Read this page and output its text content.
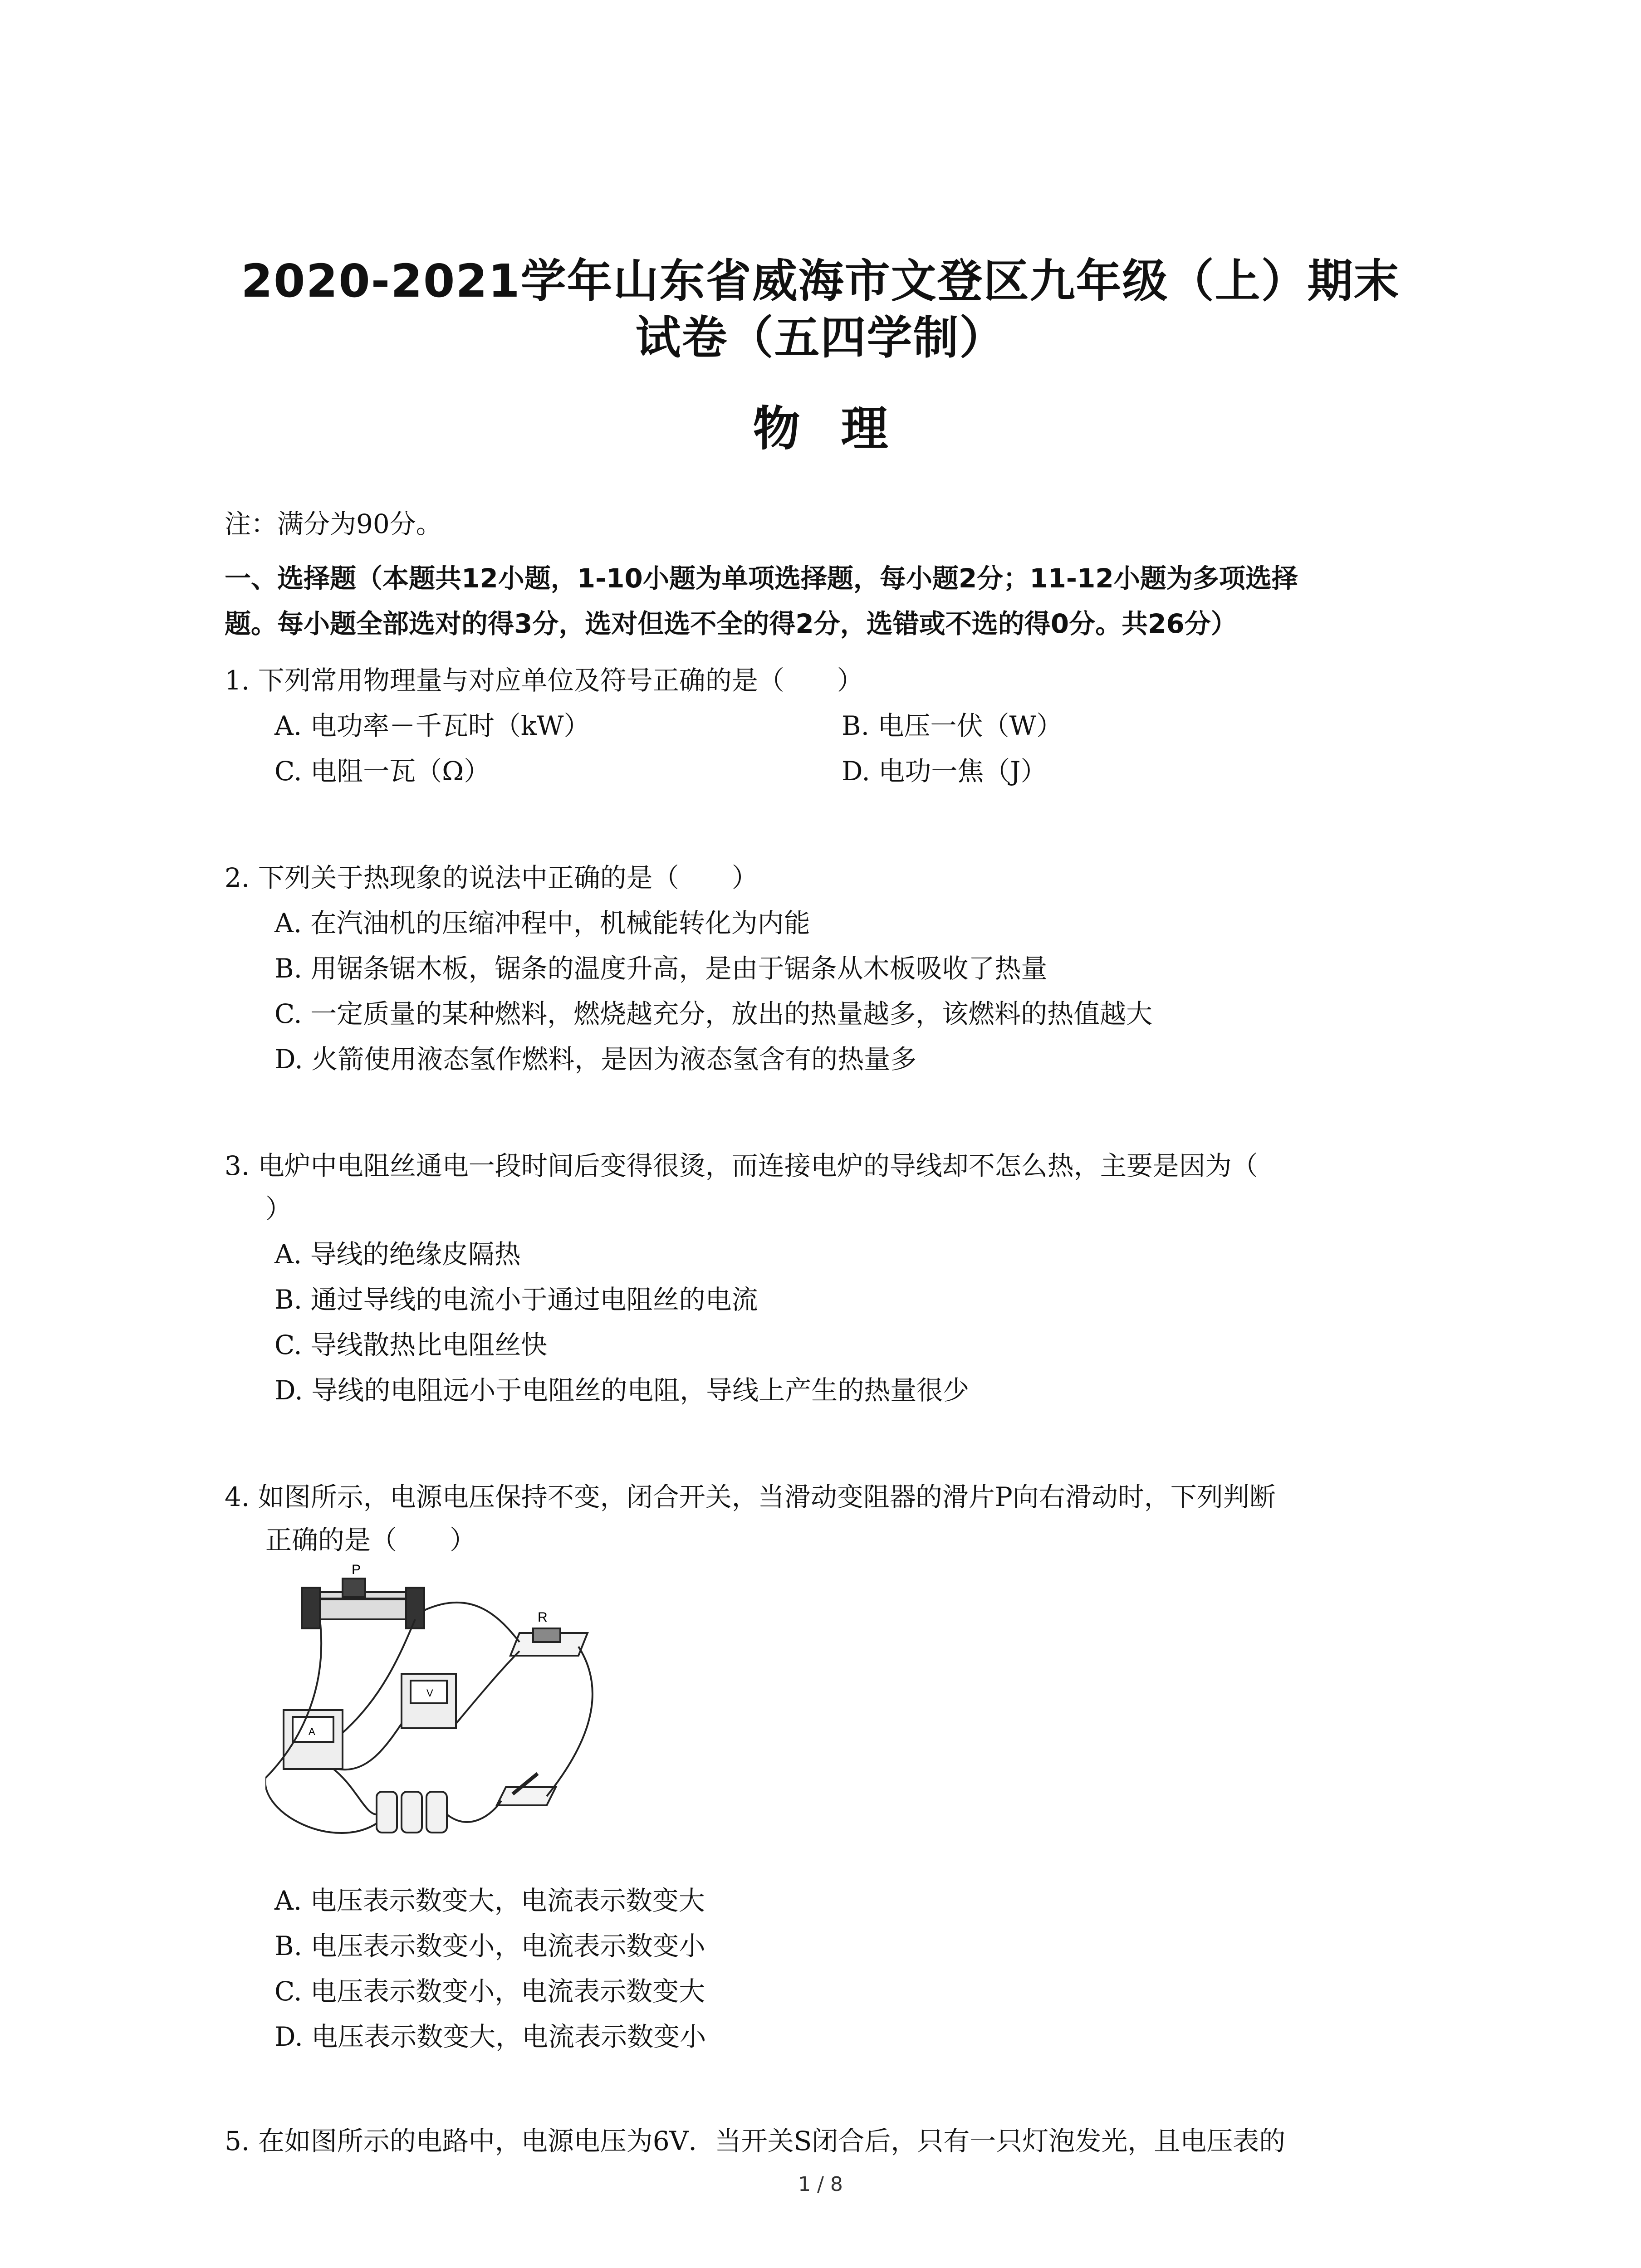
2020-2021学年山东省威海市文登区九年级（上）期末
试卷（五四学制）
物理
注：满分为90分。
一、选择题（本题共12小题，1-10小题为单项选择题，每小题2分；11-12小题为多项选择
题。每小题全部选对的得3分，选对但选不全的得2分，选错或不选的得0分。共26分）
1. 下列常用物理量与对应单位及符号正确的是（　　）
A. 电功率－千瓦时（kW）	B. 电压一伏（W）
C. 电阻一瓦（Ω）	D. 电功一焦（J）
2. 下列关于热现象的说法中正确的是（　　）
A. 在汽油机的压缩冲程中，机械能转化为内能
B. 用锯条锯木板，锯条的温度升高，是由于锯条从木板吸收了热量
C. 一定质量的某种燃料，燃烧越充分，放出的热量越多，该燃料的热值越大
D. 火箭使用液态氢作燃料，是因为液态氢含有的热量多
3. 电炉中电阻丝通电一段时间后变得很烫，而连接电炉的导线却不怎么热，主要是因为（
）
A. 导线的绝缘皮隔热
B. 通过导线的电流小于通过电阻丝的电流
C. 导线散热比电阻丝快
D. 导线的电阻远小于电阻丝的电阻，导线上产生的热量很少
4. 如图所示，电源电压保持不变，闭合开关，当滑动变阻器的滑片P向右滑动时，下列判断
正确的是（　　）
P
R
A
V
A. 电压表示数变大，电流表示数变大
B. 电压表示数变小，电流表示数变小
C. 电压表示数变小，电流表示数变大
D. 电压表示数变大，电流表示数变小
5. 在如图所示的电路中，电源电压为6V．当开关S闭合后，只有一只灯泡发光，且电压表的
1 / 8
